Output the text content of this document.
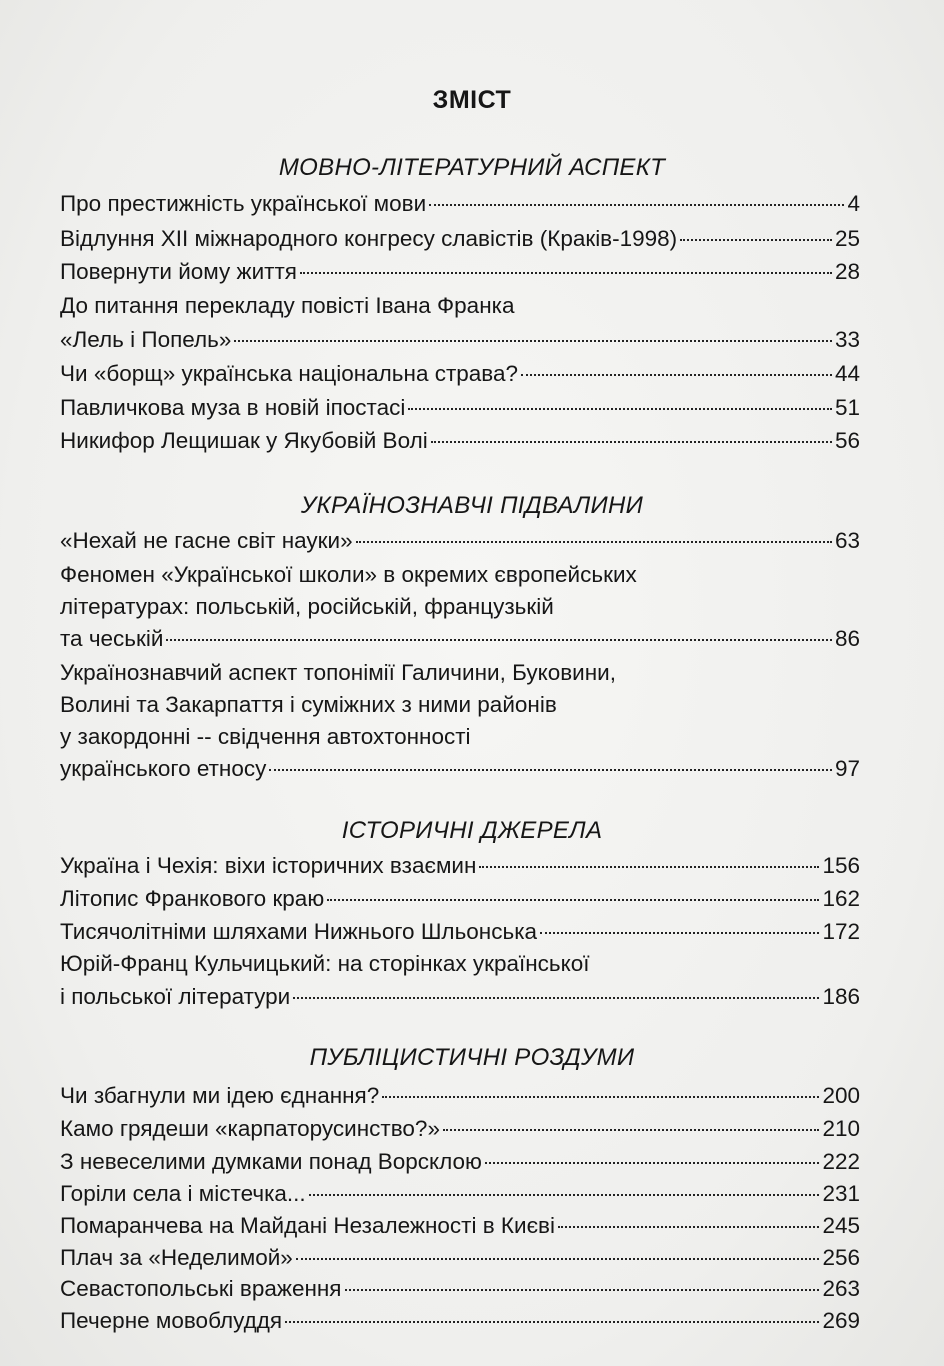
ЗМІСТ
МОВНО-ЛІТЕРАТУРНИЙ АСПЕКТ
Про престижність української мови	4
Відлуння XII міжнародного конгресу славістів (Краків-1998)	25
Повернути йому життя	28
До питання перекладу повісті Івана Франка
«Лель і Попель»	33
Чи «борщ» українська національна страва?	44
Павличкова муза в новій іпостасі	51
Никифор Лещишак у Якубовій Волі	56
УКРАЇНОЗНАВЧІ ПІДВАЛИНИ
«Нехай не гасне світ науки»	63
Феномен «Української школи» в окремих європейських
літературах: польській, російській, французькій
та чеській	86
Українознавчий аспект топонімії Галичини, Буковини,
Волині та Закарпаття і суміжних з ними районів
у закордонні -- свідчення автохтонності
українського етносу	97
ІСТОРИЧНІ ДЖЕРЕЛА
Україна і Чехія: віхи історичних взаємин	156
Літопис Франкового краю	162
Тисячолітніми шляхами Нижнього Шльонська	172
Юрій-Франц Кульчицький: на сторінках української
і польської літератури	186
ПУБЛІЦИСТИЧНІ РОЗДУМИ
Чи збагнули ми ідею єднання?	200
Камо грядеши «карпаторусинство?»	210
З невеселими думками понад Ворсклою	222
Горіли села і містечка...	231
Помаранчева на Майдані Незалежності в Києві	245
Плач за «Неделимой»	256
Севастопольські враження	263
Печерне мовоблуддя	269
